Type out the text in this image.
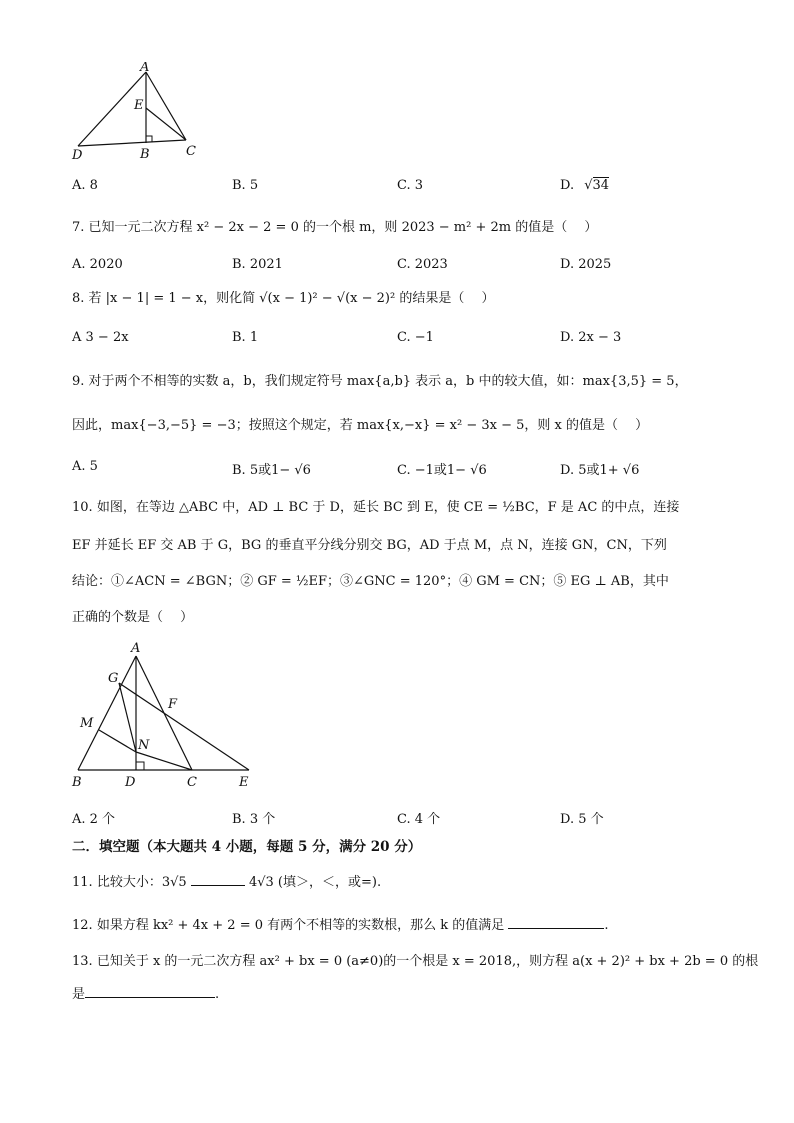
A
E
D	B	C
A. 8	B. 5	C. 3	D. √34
7. 已知一元二次方程 x² − 2x − 2 = 0 的一个根 m，则 2023 − m² + 2m 的值是（　 ）
A. 2020	B. 2021	C. 2023	D. 2025
8. 若 |x − 1| = 1 − x，则化简 √(x − 1)² − √(x − 2)² 的结果是（　 ）
A 3 − 2x	B. 1	C. −1	D. 2x − 3
9. 对于两个不相等的实数 a，b，我们规定符号 max{a,b} 表示 a，b 中的较大值，如：max{3,5} = 5，
因此，max{−3,−5} = −3；按照这个规定，若 max{x,−x} = x² − 3x − 5，则 x 的值是（　 ）
A. 5	B. 5或1− √6	C. −1或1− √6	D. 5或1+ √6
10. 如图，在等边 △ABC 中，AD ⊥ BC 于 D，延长 BC 到 E，使 CE = ½BC，F 是 AC 的中点，连接
EF 并延长 EF 交 AB 于 G，BG 的垂直平分线分别交 BG，AD 于点 M，点 N，连接 GN，CN，下列
结论：①∠ACN = ∠BGN；② GF = ½EF；③∠GNC = 120°；④ GM = CN；⑤ EG ⊥ AB，其中
正确的个数是（　 ）
A
G
F
M
N
B	D	C	E
A. 2 个	B. 3 个	C. 4 个	D. 5 个
二．填空题（本大题共 4 小题，每题 5 分，满分 20 分）
11. 比较大小：3√5	4√3 (填＞，＜，或=).
12. 如果方程 kx² + 4x + 2 = 0 有两个不相等的实数根，那么 k 的值满足	.
13. 已知关于 x 的一元二次方程 ax² + bx = 0 (a≠0)的一个根是 x = 2018,，则方程 a(x + 2)² + bx + 2b = 0 的根
是	.
